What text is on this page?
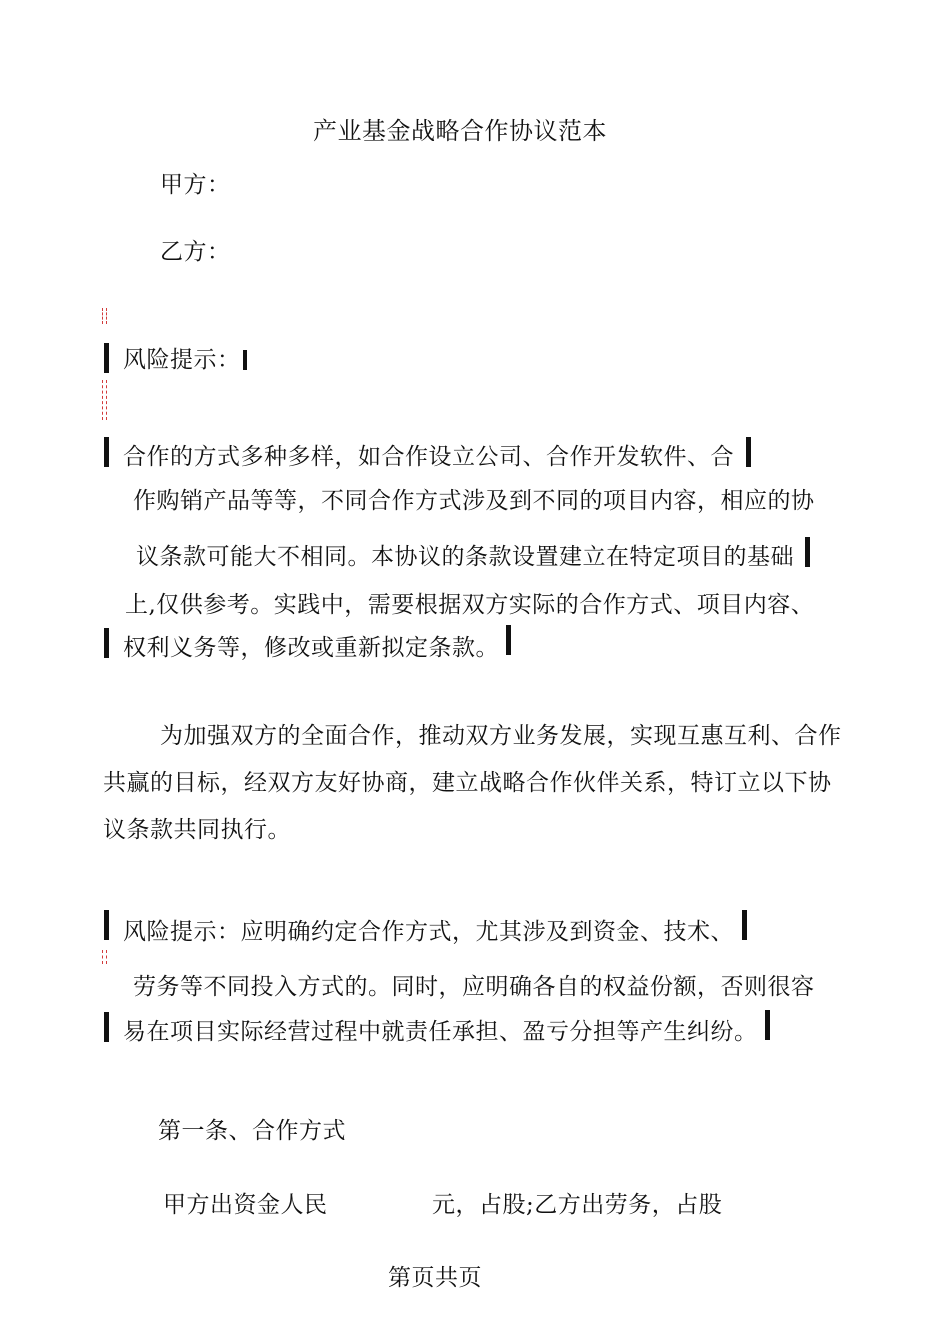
产业基金战略合作协议范本
甲方：
乙方：
风险提示：
合作的方式多种多样，如合作设立公司、合作开发软件、合
作购销产品等等，不同合作方式涉及到不同的项目内容，相应的协
议条款可能大不相同。本协议的条款设置建立在特定项目的基础
上,仅供参考。实践中，需要根据双方实际的合作方式、项目内容、
权利义务等，修改或重新拟定条款。
为加强双方的全面合作，推动双方业务发展，实现互惠互利、合作
共赢的目标，经双方友好协商，建立战略合作伙伴关系，特订立以下协
议条款共同执行。
风险提示：应明确约定合作方式，尤其涉及到资金、技术、
劳务等不同投入方式的。同时，应明确各自的权益份额，否则很容
易在项目实际经营过程中就责任承担、盈亏分担等产生纠纷。
第一条、合作方式
甲方出资金人民	元，占股;乙方出劳务，占股
第页共页
